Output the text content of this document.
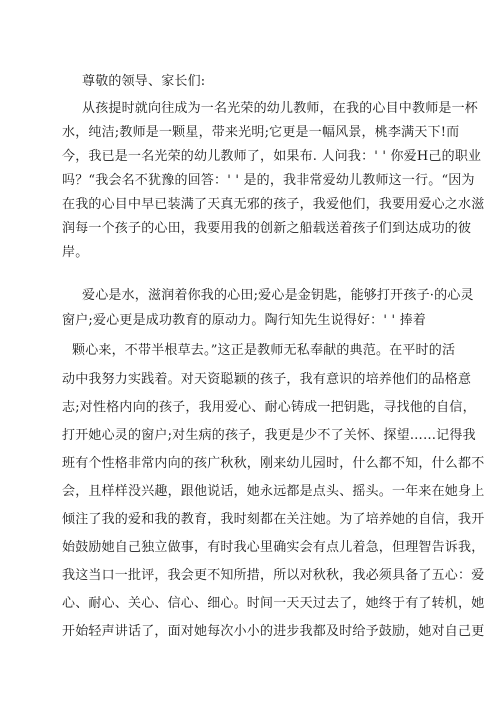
尊敬的领导、家长们:
从孩提时就向往成为一名光荣的幼儿教师，在我的心目中教师是一杯
水，纯洁;教师是一颗星，带来光明;它更是一幅风景，桃李满天下!而
今，我已是一名光荣的幼儿教师了，如果布. 人问我：' ' 你爱H己的职业
吗？“我会名不犹豫的回答：' ' 是的，我非常爱幼儿教师这一行。“因为
在我的心目中早已装满了天真无邪的孩子，我爱他们，我要用爱心之水滋
润每一个孩子的心田，我要用我的创新之船载送着孩子们到达成功的彼
岸。
爱心是水，滋润着你我的心田;爱心是金钥匙，能够打开孩子·的心灵
窗户;爱心更是成功教育的原动力。陶行知先生说得好：' ' 捧着
颗心来，不带半根草去。”这正是教师无私奉献的典范。在平时的活
动中我努力实践着。对天资聪颖的孩子，我有意识的培养他们的品格意
志;对性格内向的孩子，我用爱心、耐心铸成一把钥匙，寻找他的自信，
打开她心灵的窗户;对生病的孩子，我更是少不了关怀、探望……记得我
班有个性格非常内向的孩广秋秋，刚来幼儿园时，什么都不知，什么都不
会，且样样没兴趣，跟他说话，她永远都是点头、摇头。一年来在她身上
倾注了我的爱和我的教育，我时刻都在关注她。为了培养她的自信，我开
始鼓励她自己独立做事，有时我心里确实会有点儿着急，但理智告诉我，
我这当口一批评，我会更不知所措，所以对秋秋，我必须具备了五心：爱
心、耐心、关心、信心、细心。时间一天天过去了，她终于有了转机，她
开始轻声讲话了，面对她每次小小的进步我都及时给予鼓励，她对自己更
